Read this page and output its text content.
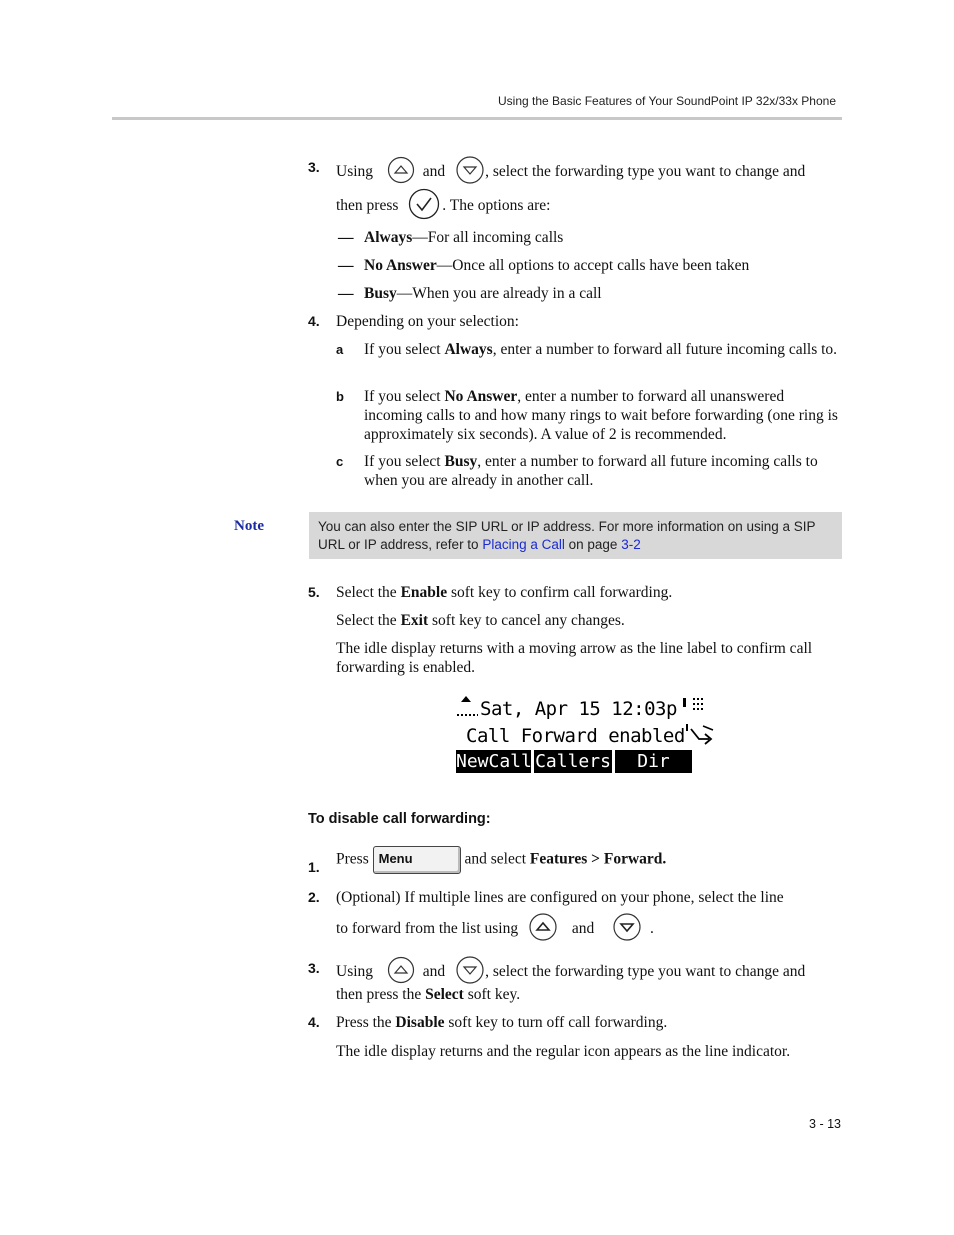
Using the Basic Features of Your SoundPoint IP 32x/33x Phone
3. Using	and	, select the forwarding type you want to change and
then press	. The options are:
— Always—For all incoming calls
— No Answer—Once all options to accept calls have been taken
— Busy—When you are already in a call
4. Depending on your selection:
a If you select Always, enter a number to forward all future incoming calls to.
b If you select No Answer, enter a number to forward all unanswered incoming calls to and how many rings to wait before forwarding (one ring is approximately six seconds). A value of 2 is recommended.
c If you select Busy, enter a number to forward all future incoming calls to when you are already in another call.
Note	You can also enter the SIP URL or IP address. For more information on using a SIP URL or IP address, refer to Placing a Call on page 3-2
5. Select the Enable soft key to confirm call forwarding.
Select the Exit soft key to cancel any changes.
The idle display returns with a moving arrow as the line label to confirm call forwarding is enabled.
Sat, Apr 15 12:03p
Call Forward enabled
NewCall Callers	Dir
To disable call forwarding:
1. Press Menu	and select Features > Forward.
2. (Optional) If multiple lines are configured on your phone, select the line
to forward from the list using	and	.
3. Using	and	, select the forwarding type you want to change and
then press the Select soft key.
4. Press the Disable soft key to turn off call forwarding.
The idle display returns and the regular icon appears as the line indicator.
3 - 13
